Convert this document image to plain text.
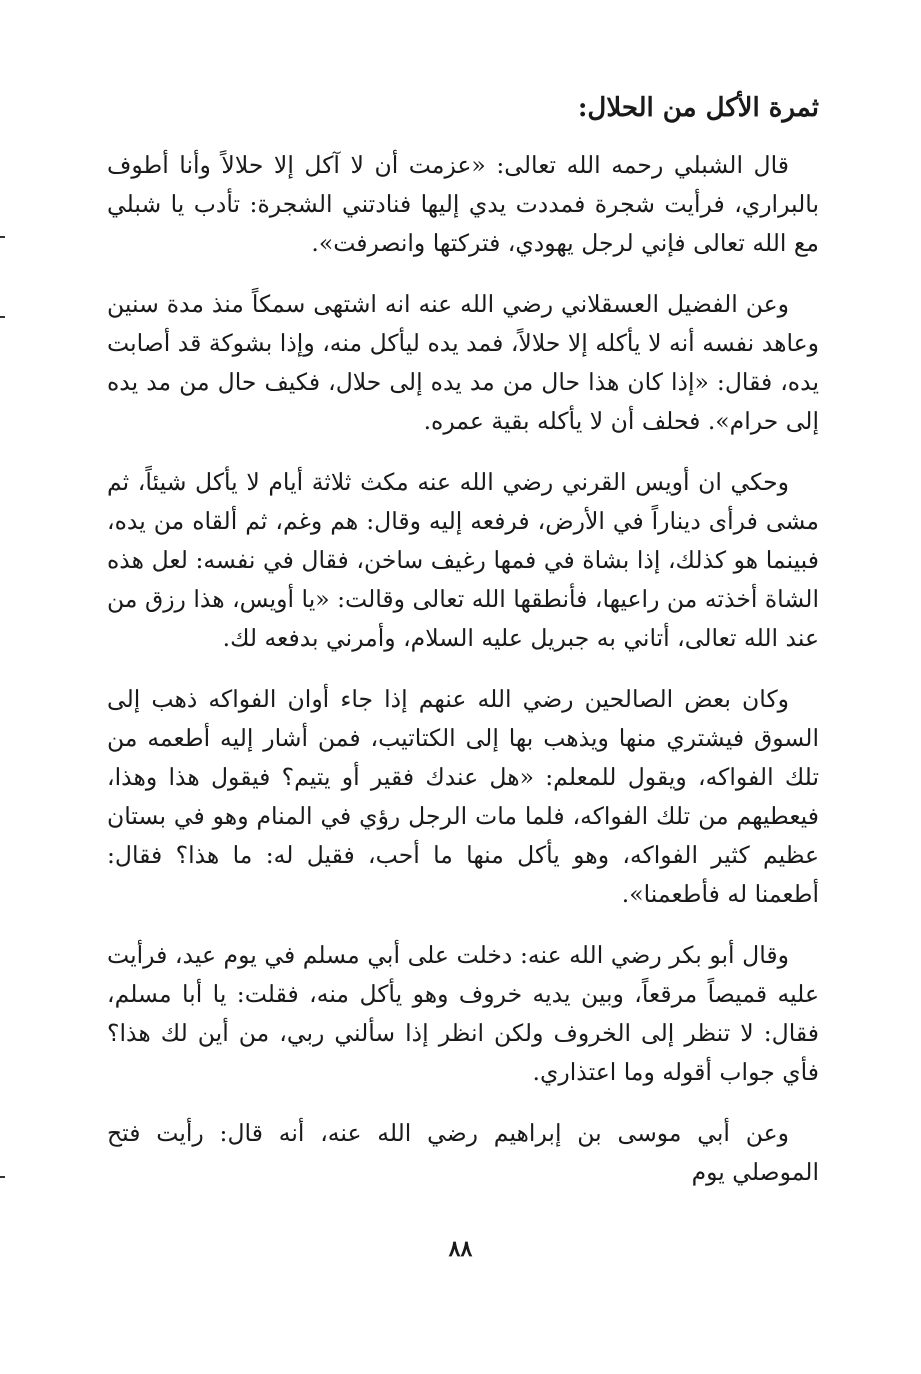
ثمرة الأكل من الحلال:

قال الشبلي رحمه الله تعالى: «عزمت أن لا آكل إلا حلالاً وأنا أطوف بالبراري، فرأيت شجرة فمددت يدي إليها فنادتني الشجرة: تأدب يا شبلي مع الله تعالى فإني لرجل يهودي، فتركتها وانصرفت».

وعن الفضيل العسقلاني رضي الله عنه انه اشتهى سمكاً منذ مدة سنين وعاهد نفسه أنه لا يأكله إلا حلالاً، فمد يده ليأكل منه، وإذا بشوكة قد أصابت يده، فقال: «إذا كان هذا حال من مد يده إلى حلال، فكيف حال من مد يده إلى حرام». فحلف أن لا يأكله بقية عمره.

وحكي ان أويس القرني رضي الله عنه مكث ثلاثة أيام لا يأكل شيئاً، ثم مشى فرأى ديناراً في الأرض، فرفعه إليه وقال: هم وغم، ثم ألقاه من يده، فبينما هو كذلك، إذا بشاة في فمها رغيف ساخن، فقال في نفسه: لعل هذه الشاة أخذته من راعيها، فأنطقها الله تعالى وقالت: «يا أويس، هذا رزق من عند الله تعالى، أتاني به جبريل عليه السلام، وأمرني بدفعه لك.

وكان بعض الصالحين رضي الله عنهم إذا جاء أوان الفواكه ذهب إلى السوق فيشتري منها ويذهب بها إلى الكتاتيب، فمن أشار إليه أطعمه من تلك الفواكه، ويقول للمعلم: «هل عندك فقير أو يتيم؟ فيقول هذا وهذا، فيعطيهم من تلك الفواكه، فلما مات الرجل رؤي في المنام وهو في بستان عظيم كثير الفواكه، وهو يأكل منها ما أحب، فقيل له: ما هذا؟ فقال: أطعمنا له فأطعمنا».

وقال أبو بكر رضي الله عنه: دخلت على أبي مسلم في يوم عيد، فرأيت عليه قميصاً مرقعاً، وبين يديه خروف وهو يأكل منه، فقلت: يا أبا مسلم، فقال: لا تنظر إلى الخروف ولكن انظر إذا سألني ربي، من أين لك هذا؟ فأي جواب أقوله وما اعتذاري.

وعن أبي موسى بن إبراهيم رضي الله عنه، أنه قال: رأيت فتح الموصلي يوم

٨٨
